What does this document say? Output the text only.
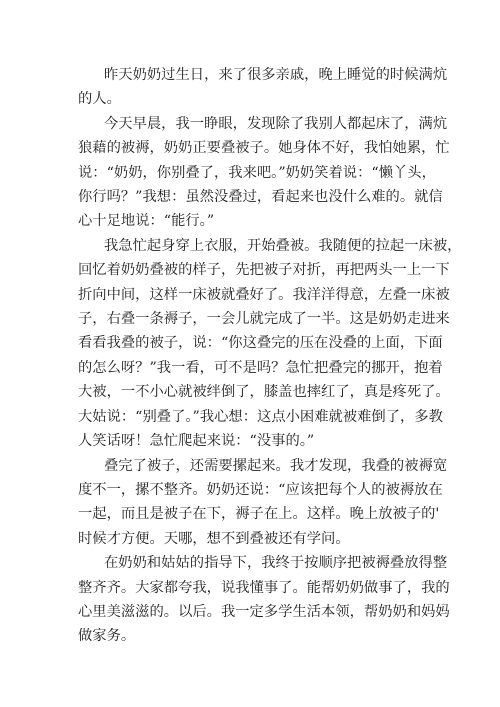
昨天奶奶过生日，来了很多亲戚，晚上睡觉的时候满炕
的人。

今天早晨，我一睁眼，发现除了我别人都起床了，满炕
狼藉的被褥，奶奶正要叠被子。她身体不好，我怕她累，忙
说：“奶奶，你别叠了，我来吧。”奶奶笑着说：“懒丫头，
你行吗？”我想：虽然没叠过，看起来也没什么难的。就信
心十足地说：“能行。”

我急忙起身穿上衣服，开始叠被。我随便的拉起一床被，
回忆着奶奶叠被的样子，先把被子对折，再把两头一上一下
折向中间，这样一床被就叠好了。我洋洋得意，左叠一床被
子，右叠一条褥子，一会儿就完成了一半。这是奶奶走进来
看看我叠的被子，说：“你这叠完的压在没叠的上面，下面
的怎么呀？”我一看，可不是吗？急忙把叠完的挪开，抱着
大被，一不小心就被绊倒了，膝盖也摔红了，真是疼死了。
大姑说：“别叠了。”我心想：这点小困难就被难倒了，多教
人笑话呀！急忙爬起来说：“没事的。”

叠完了被子，还需要摞起来。我才发现，我叠的被褥宽
度不一，摞不整齐。奶奶还说：“应该把每个人的被褥放在
一起，而且是被子在下，褥子在上。这样。晚上放被子的'
时候才方便。天哪，想不到叠被还有学问。

在奶奶和姑姑的指导下，我终于按顺序把被褥叠放得整
整齐齐。大家都夸我，说我懂事了。能帮奶奶做事了，我的
心里美滋滋的。以后。我一定多学生活本领，帮奶奶和妈妈
做家务。
